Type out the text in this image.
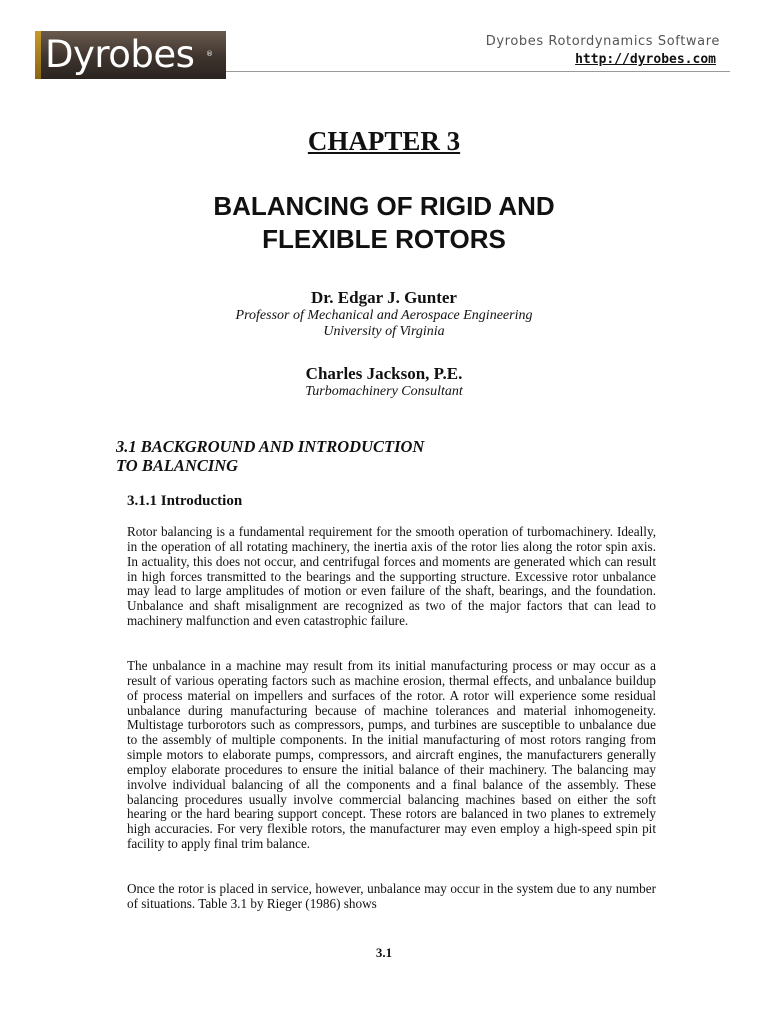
Dyrobes ®
Dyrobes Rotordynamics Software
http://dyrobes.com
CHAPTER 3
BALANCING OF RIGID AND
FLEXIBLE ROTORS
Dr. Edgar J. Gunter
Professor of Mechanical and Aerospace Engineering
University of Virginia
Charles Jackson, P.E.
Turbomachinery Consultant
3.1 BACKGROUND AND INTRODUCTION
TO BALANCING
3.1.1 Introduction

Rotor balancing is a fundamental requirement for the smooth operation of turbomachinery. Ideally, in the operation of all rotating machinery, the inertia axis of the rotor lies along the rotor spin axis. In actuality, this does not occur, and centrifugal forces and moments are generated which can result in high forces transmitted to the bearings and the supporting structure. Excessive rotor unbalance may lead to large amplitudes of motion or even failure of the shaft, bearings, and the foundation. Unbalance and shaft misalignment are recognized as two of the major factors that can lead to machinery malfunction and even catastrophic failure.

The unbalance in a machine may result from its initial manufacturing process or may occur as a result of various operating factors such as machine erosion, thermal effects, and unbalance buildup of process material on impellers and surfaces of the rotor. A rotor will experience some residual unbalance during manufacturing because of machine tolerances and material inhomogeneity. Multistage turborotors such as compressors, pumps, and turbines are susceptible to unbalance due to the assembly of multiple components. In the initial manufacturing of most rotors ranging from simple motors to elaborate pumps, compressors, and aircraft engines, the manufacturers generally employ elaborate procedures to ensure the initial balance of their machinery. The balancing may involve individual balancing of all the components and a final balance of the assembly. These balancing procedures usually involve commercial balancing machines based on either the soft hearing or the hard bearing support concept. These rotors are balanced in two planes to extremely high accuracies. For very flexible rotors, the manufacturer may even employ a high-speed spin pit facility to apply final trim balance.

Once the rotor is placed in service, however, unbalance may occur in the system due to any number of situations. Table 3.1 by Rieger (1986) shows

3.1
